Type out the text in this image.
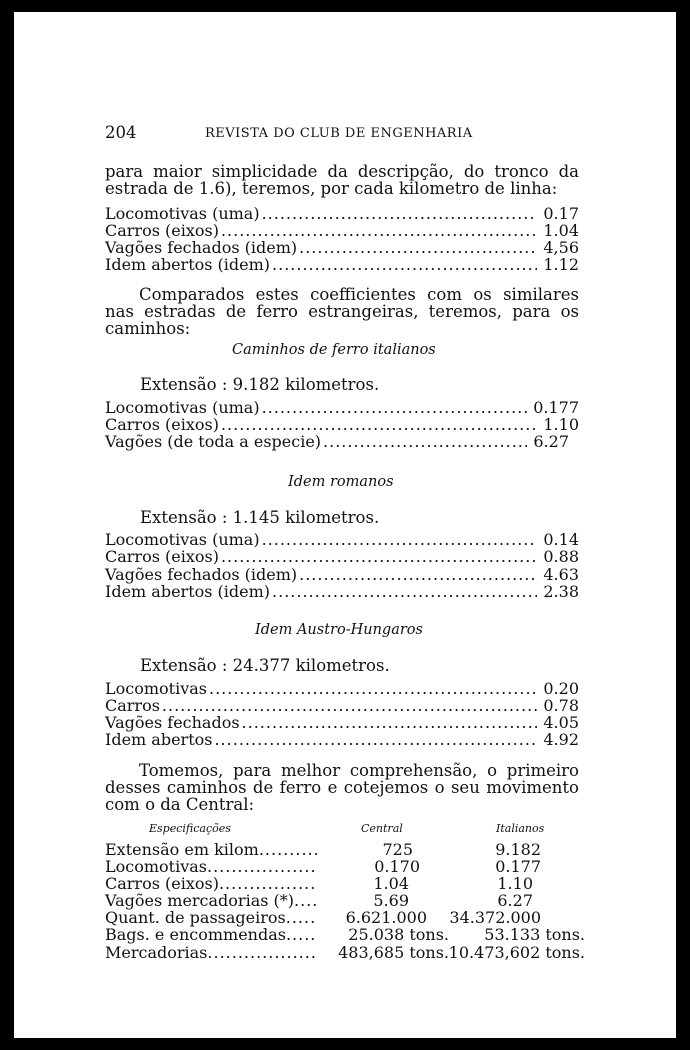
204	REVISTA DO CLUB DE ENGENHARIA
para maior simplicidade da descripção, do tronco da estrada de 1.6), teremos, por cada kilometro de linha:
Locomotivas (uma) .....	0.17
Carros (eixos) .....	1.04
Vagões fechados (idem) .....	4,56
Idem abertos (idem) .....	1.12
Comparados estes coefficientes com os similares nas estradas de ferro estrangeiras, teremos, para os caminhos:
Caminhos de ferro italianos
Extensão : 9.182 kilometros.
Locomotivas (uma) .....	0.177
Carros (eixos) .....	1.10
Vagões (de toda a especie) .....	6.27
Idem romanos
Extensão : 1.145 kilometros.
Locomotivas (uma) .....	0.14
Carros (eixos) .....	0.88
Vagões fechados (idem) .....	4.63
Idem abertos (idem) .....	2.38
Idem Austro-Hungaros
Extensão : 24.377 kilometros.
Locomotivas .....	0.20
Carros .....	0.78
Vagões fechados .....	4.05
Idem abertos .....	4.92
Tomemos, para melhor comprehensão, o primeiro desses caminhos de ferro e cotejemos o seu movimento com o da Central:
Especificações	Central	Italianos
Extensão em kilom .....	725	9.182
Locomotivas .....	0.170	0.177
Carros (eixos) .....	1.04	1.10
Vagões mercadorias (*) .....	5.69	6.27
Quant. de passageiros .....	6.621.000 34.372.000
Bags. e encommendas .....	25.038 tons. 53.133 tons.
Mercadorias .....	483,685 tons. 10.473,602 tons.
